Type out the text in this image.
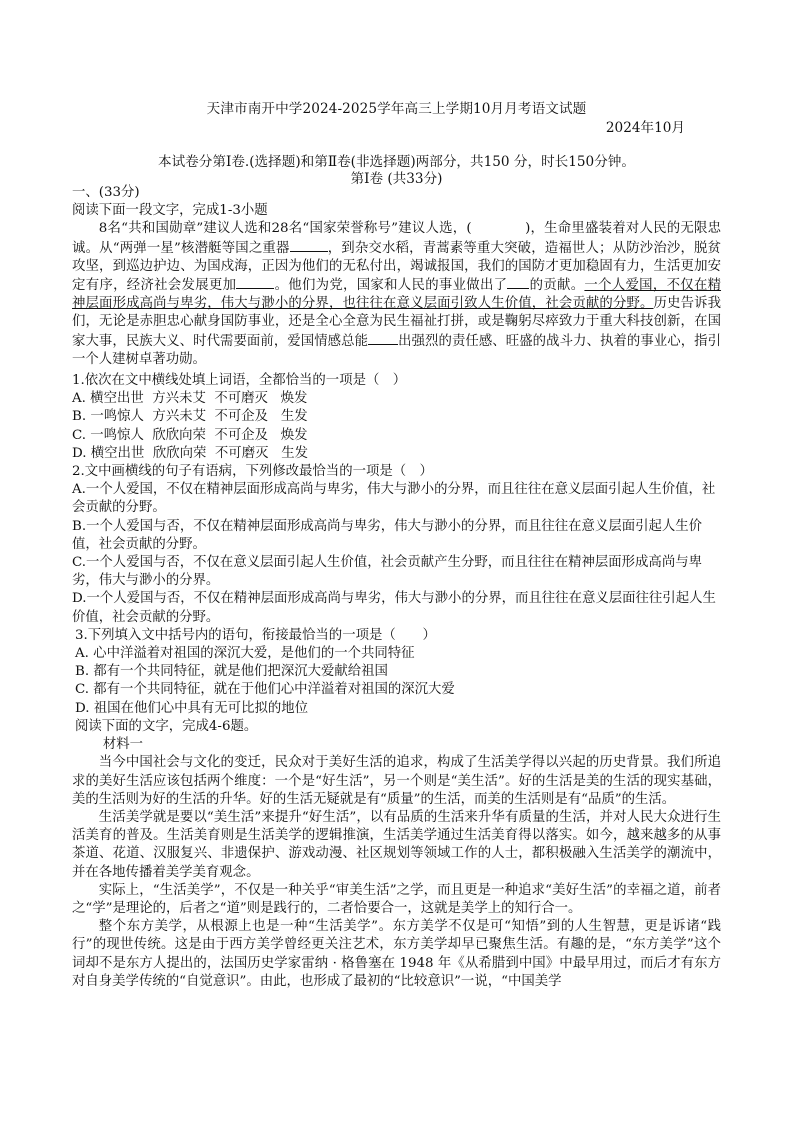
天津市南开中学2024-2025学年高三上学期10月月考语文试题
2024年10月
本试卷分第Ⅰ卷.(选择题)和第Ⅱ卷(非选择题)两部分，共150 分，时长150分钟。
第Ⅰ卷 (共33分)

一、(33分)

阅读下面一段文字，完成1-3小题

8名“共和国勋章”建议人选和28名“国家荣誉称号”建议人选，(    	)，生命里盛装着对人民的无限忠诚。从“两弹一星”核潜艇等国之重器	，到杂交水稻，青蒿素等重大突破，造福世人；从防沙治沙，脱贫攻坚，到巡边护边、为国戍海，正因为他们的无私付出，竭诚报国，我们的国防才更加稳固有力，生活更加安定有序，经济社会发展更加	。他们为党，国家和人民的事业做出了 的贡献。一个人爱国，不仅在精神层面形成高尚与卑劣，伟大与渺小的分界，也往往在意义层面引致人生价值，社会贡献的分野。历史告诉我们，无论是赤胆忠心献身国防事业，还是全心全意为民生福祉打拼，或是鞠躬尽瘁致力于重大科技创新，在国家大事，民族大义、时代需要面前，爱国情感总能 出强烈的责任感、旺盛的战斗力、执着的事业心，指引一个人建树卓著功勋。

1.依次在文中横线处填上词语，全都恰当的一项是（　）

A. 横空出世  方兴未艾  不可磨灭   焕发

B. 一鸣惊人  方兴未艾  不可企及   生发

C. 一鸣惊人  欣欣向荣  不可企及   焕发

D. 横空出世  欣欣向荣  不可磨灭   生发

2.文中画横线的句子有语病，下列修改最恰当的一项是（　）

A.一个人爱国，不仅在精神层面形成高尚与卑劣，伟大与渺小的分界，而且往往在意义层面引起人生价值，社会贡献的分野。

B.一个人爱国与否，不仅在精神层面形成高尚与卑劣，伟大与渺小的分界，而且往往在意义层面引起人生价值，社会贡献的分野。

C.一个人爱国与否，不仅在意义层面引起人生价值，社会贡献产生分野，而且往往在精神层面形成高尚与卑劣，伟大与渺小的分界。

D.一个人爱国与否，不仅在精神层面形成高尚与卑劣，伟大与渺小的分界，而且往往在意义层面往往引起人生价值，社会贡献的分野。

3.下列填入文中括号内的语句，衔接最恰当的一项是（　　）

A. 心中洋溢着对祖国的深沉大爱，是他们的一个共同特征

B. 都有一个共同特征，就是他们把深沉大爱献给祖国

C. 都有一个共同特征，就在于他们心中洋溢着对祖国的深沉大爱

D. 祖国在他们心中具有无可比拟的地位

阅读下面的文字，完成4-6题。

材料一

当今中国社会与文化的变迁，民众对于美好生活的追求，构成了生活美学得以兴起的历史背景。我们所追求的美好生活应该包括两个维度：一个是“好生活”，另一个则是“美生活”。好的生活是美的生活的现实基础，美的生活则为好的生活的升华。好的生活无疑就是有“质量”的生活，而美的生活则是有“品质”的生活。

生活美学就是要以“美生活”来提升“好生活”，以有品质的生活来升华有质量的生活，并对人民大众进行生活美育的普及。生活美育则是生活美学的逻辑推演，生活美学通过生活美育得以落实。如今，越来越多的从事茶道、花道、汉服复兴、非遗保护、游戏动漫、社区规划等领域工作的人士，都积极融入生活美学的潮流中，并在各地传播着美学美育观念。

实际上，“生活美学”，不仅是一种关乎“审美生活”之学，而且更是一种追求“美好生活”的幸福之道，前者之“学”是理论的，后者之“道”则是践行的，二者恰要合一，这就是美学上的知行合一。

整个东方美学，从根源上也是一种“生活美学”。东方美学不仅是可“知悟”到的人生智慧，更是诉诸“践行”的现世传统。这是由于西方美学曾经更关注艺术，东方美学却早已聚焦生活。有趣的是，“东方美学”这个词却不是东方人提出的，法国历史学家雷纳 · 格鲁塞在 1948 年《从希腊到中国》中最早用过，而后才有东方对自身美学传统的“自觉意识”。由此，也形成了最初的“比较意识”一说，“中国美学
